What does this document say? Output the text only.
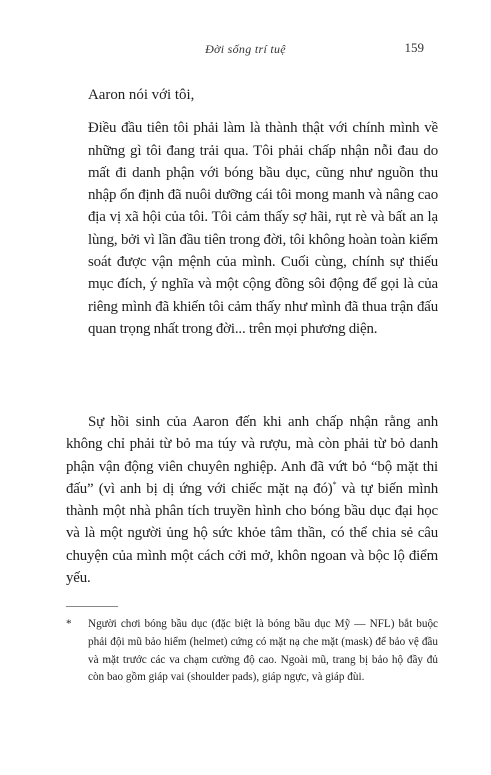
Đời sống trí tuệ	159

Aaron nói với tôi,

Điều đầu tiên tôi phải làm là thành thật với chính mình về những gì tôi đang trải qua. Tôi phải chấp nhận nỗi đau do mất đi danh phận với bóng bầu dục, cũng như nguồn thu nhập ổn định đã nuôi dưỡng cái tôi mong manh và nâng cao địa vị xã hội của tôi. Tôi cảm thấy sợ hãi, rụt rè và bất an lạ lùng, bởi vì lần đầu tiên trong đời, tôi không hoàn toàn kiểm soát được vận mệnh của mình. Cuối cùng, chính sự thiếu mục đích, ý nghĩa và một cộng đồng sôi động để gọi là của riêng mình đã khiến tôi cảm thấy như mình đã thua trận đấu quan trọng nhất trong đời... trên mọi phương diện.

Sự hồi sinh của Aaron đến khi anh chấp nhận rằng anh không chỉ phải từ bỏ ma túy và rượu, mà còn phải từ bỏ danh phận vận động viên chuyên nghiệp. Anh đã vứt bỏ “bộ mặt thi đấu” (vì anh bị dị ứng với chiếc mặt nạ đó)* và tự biến mình thành một nhà phân tích truyền hình cho bóng bầu dục đại học và là một người ủng hộ sức khỏe tâm thần, có thể chia sẻ câu chuyện của mình một cách cởi mở, khôn ngoan và bộc lộ điểm yếu.

* Người chơi bóng bầu dục (đặc biệt là bóng bầu dục Mỹ — NFL) bắt buộc phải đội mũ bảo hiểm (helmet) cứng có mặt nạ che mặt (mask) để bảo vệ đầu và mặt trước các va chạm cường độ cao. Ngoài mũ, trang bị bảo hộ đầy đủ còn bao gồm giáp vai (shoulder pads), giáp ngực, và giáp đùi.
